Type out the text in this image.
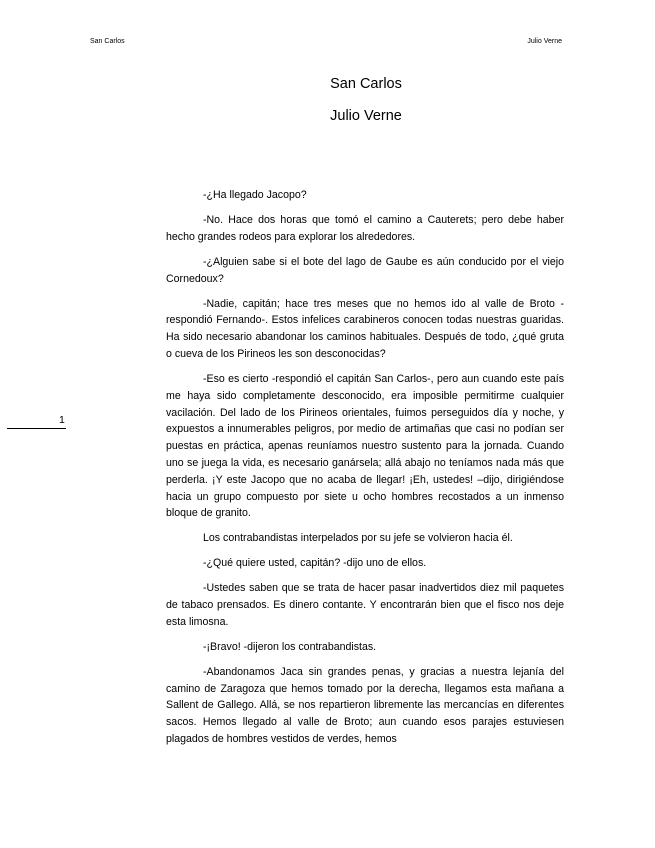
San Carlos	Julio Verne
San Carlos
Julio Verne
1

-¿Ha llegado Jacopo?

-No. Hace dos horas que tomó el camino a Cauterets; pero debe haber hecho grandes rodeos para explorar los alrededores.

-¿Alguien sabe si el bote del lago de Gaube es aún conducido por el viejo Cornedoux?

-Nadie, capitán; hace tres meses que no hemos ido al valle de Broto -respondió Fernando-. Estos infelices carabineros conocen todas nuestras guaridas. Ha sido necesario abandonar los caminos habituales. Después de todo, ¿qué gruta o cueva de los Pirineos les son desconocidas?

-Eso es cierto -respondió el capitán San Carlos-, pero aun cuando este país me haya sido completamente desconocido, era imposible permitirme cualquier vacilación. Del lado de los Pirineos orientales, fuimos perseguidos día y noche, y expuestos a innumerables peligros, por medio de artimañas que casi no podían ser puestas en práctica, apenas reuníamos nuestro sustento para la jornada. Cuando uno se juega la vida, es necesario ganársela; allá abajo no teníamos nada más que perderla. ¡Y este Jacopo que no acaba de llegar! ¡Eh, ustedes! –dijo, dirigiéndose hacia un grupo compuesto por siete u ocho hombres recostados a un inmenso bloque de granito.

Los contrabandistas interpelados por su jefe se volvieron hacia él.

-¿Qué quiere usted, capitán? -dijo uno de ellos.

-Ustedes saben que se trata de hacer pasar inadvertidos diez mil paquetes de tabaco prensados. Es dinero contante. Y encontrarán bien que el fisco nos deje esta limosna.

-¡Bravo! -dijeron los contrabandistas.

-Abandonamos Jaca sin grandes penas, y gracias a nuestra lejanía del camino de Zaragoza que hemos tomado por la derecha, llegamos esta mañana a Sallent de Gallego. Allá, se nos repartieron libremente las mercancías en diferentes sacos. Hemos llegado al valle de Broto; aun cuando esos parajes estuviesen plagados de hombres vestidos de verdes, hemos
